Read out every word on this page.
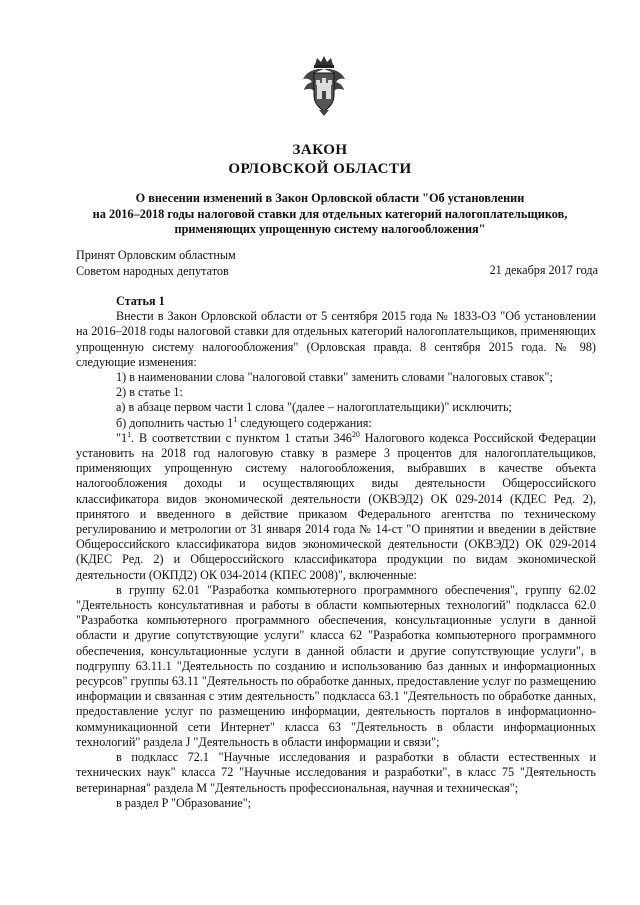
ЗАКОН
ОРЛОВСКОЙ ОБЛАСТИ
О внесении изменений в Закон Орловской области "Об установлении
на 2016–2018 годы налоговой ставки для отдельных категорий налогоплательщиков,
применяющих упрощенную систему налогообложения"
Принят Орловским областным
Советом народных депутатов	21 декабря 2017 года

Статья 1

Внести в Закон Орловской области от 5 сентября 2015 года № 1833-ОЗ "Об установлении на 2016–2018 годы налоговой ставки для отдельных категорий налогоплательщиков, применяющих упрощенную систему налогообложения" (Орловская правда. 8 сентября 2015 года. № 98) следующие изменения:

1) в наименовании слова "налоговой ставки" заменить словами "налоговых ставок";

2) в статье 1:

а) в абзаце первом части 1 слова "(далее – налогоплательщики)" исключить;

б) дополнить частью $1^1$ следующего содержания:

"$1^1$. В соответствии с пунктом 1 статьи $346^{20}$ Налогового кодекса Российской Федерации установить на 2018 год налоговую ставку в размере 3 процентов для налогоплательщиков, применяющих упрощенную систему налогообложения, выбравших в качестве объекта налогообложения доходы и осуществляющих виды деятельности Общероссийского классификатора видов экономической деятельности (ОКВЭД2) ОК 029-2014 (КДЕС Ред. 2), принятого и введенного в действие приказом Федерального агентства по техническому регулированию и метрологии от 31 января 2014 года № 14-ст "О принятии и введении в действие Общероссийского классификатора видов экономической деятельности (ОКВЭД2) ОК 029-2014 (КДЕС Ред. 2) и Общероссийского классификатора продукции по видам экономической деятельности (ОКПД2) ОК 034-2014 (КПЕС 2008)", включенные:

в группу 62.01 "Разработка компьютерного программного обеспечения", группу 62.02 "Деятельность консультативная и работы в области компьютерных технологий" подкласса 62.0 "Разработка компьютерного программного обеспечения, консультационные услуги в данной области и другие сопутствующие услуги" класса 62 "Разработка компьютерного программного обеспечения, консультационные услуги в данной области и другие сопутствующие услуги", в подгруппу 63.11.1 "Деятельность по созданию и использованию баз данных и информационных ресурсов" группы 63.11 "Деятельность по обработке данных, предоставление услуг по размещению информации и связанная с этим деятельность" подкласса 63.1 "Деятельность по обработке данных, предоставление услуг по размещению информации, деятельность порталов в информационно-коммуникационной сети Интернет" класса 63 "Деятельность в области информационных технологий" раздела J "Деятельность в области информации и связи";

в подкласс 72.1 "Научные исследования и разработки в области естественных и технических наук" класса 72 "Научные исследования и разработки", в класс 75 "Деятельность ветеринарная" раздела M "Деятельность профессиональная, научная и техническая";

в раздел P "Образование";
